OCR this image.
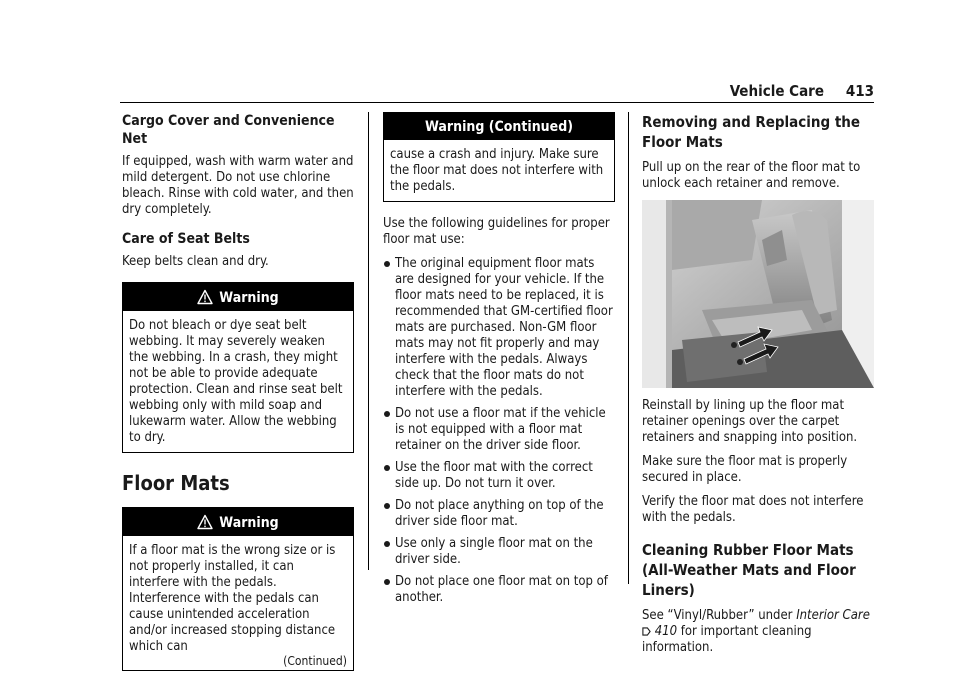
Vehicle Care 413
Cargo Cover and Convenience Net

If equipped, wash with warm water and mild detergent. Do not use chlorine bleach. Rinse with cold water, and then dry completely.

Care of Seat Belts

Keep belts clean and dry.

Warning
Do not bleach or dye seat belt webbing. It may severely weaken the webbing. In a crash, they might not be able to provide adequate protection. Clean and rinse seat belt webbing only with mild soap and lukewarm water. Allow the webbing to dry.
Floor Mats
Warning
If a floor mat is the wrong size or is not properly installed, it can interfere with the pedals. Interference with the pedals can cause unintended acceleration and/or increased stopping distance which can
(Continued)
Warning (Continued)
cause a crash and injury. Make sure the floor mat does not interfere with the pedals.

Use the following guidelines for proper floor mat use:

The original equipment floor mats are designed for your vehicle. If the floor mats need to be replaced, it is recommended that GM-certified floor mats are purchased. Non-GM floor mats may not fit properly and may interfere with the pedals. Always check that the floor mats do not interfere with the pedals.
Do not use a floor mat if the vehicle is not equipped with a floor mat retainer on the driver side floor.
Use the floor mat with the correct side up. Do not turn it over.
Do not place anything on top of the driver side floor mat.
Use only a single floor mat on the driver side.
Do not place one floor mat on top of another.
Removing and Replacing the Floor Mats

Pull up on the rear of the floor mat to unlock each retainer and remove.

Reinstall by lining up the floor mat retainer openings over the carpet retainers and snapping into position.

Make sure the floor mat is properly secured in place.

Verify the floor mat does not interfere with the pedals.

Cleaning Rubber Floor Mats (All-Weather Mats and Floor Liners)

See “Vinyl/Rubber” under Interior Care
410 for important cleaning information.
